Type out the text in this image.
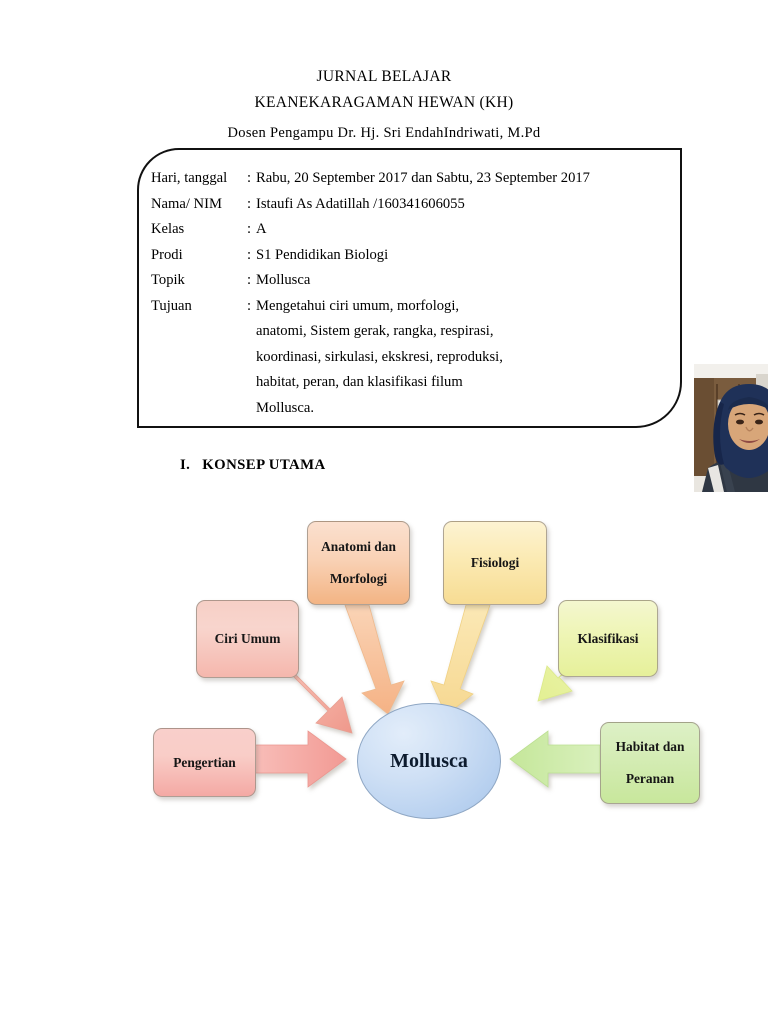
JURNAL BELAJAR
KEANEKARAGAMAN HEWAN (KH)
Dosen Pengampu Dr. Hj. Sri EndahIndriwati, M.Pd
Hari, tanggal	: Rabu, 20 September 2017 dan Sabtu, 23 September 2017
Nama/ NIM	: Istaufi As Adatillah /160341606055
Kelas	: A
Prodi	: S1 Pendidikan Biologi
Topik	: Mollusca
Tujuan	: Mengetahui ciri umum, morfologi,
anatomi, Sistem gerak, rangka, respirasi,
koordinasi, sirkulasi, ekskresi, reproduksi,
habitat, peran, dan klasifikasi filum
Mollusca.
I. KONSEP UTAMA
Ciri Umum
Anatomi dan

Morfologi
Fisiologi
Klasifikasi
Habitat dan

Peranan
Pengertian	Mollusca
